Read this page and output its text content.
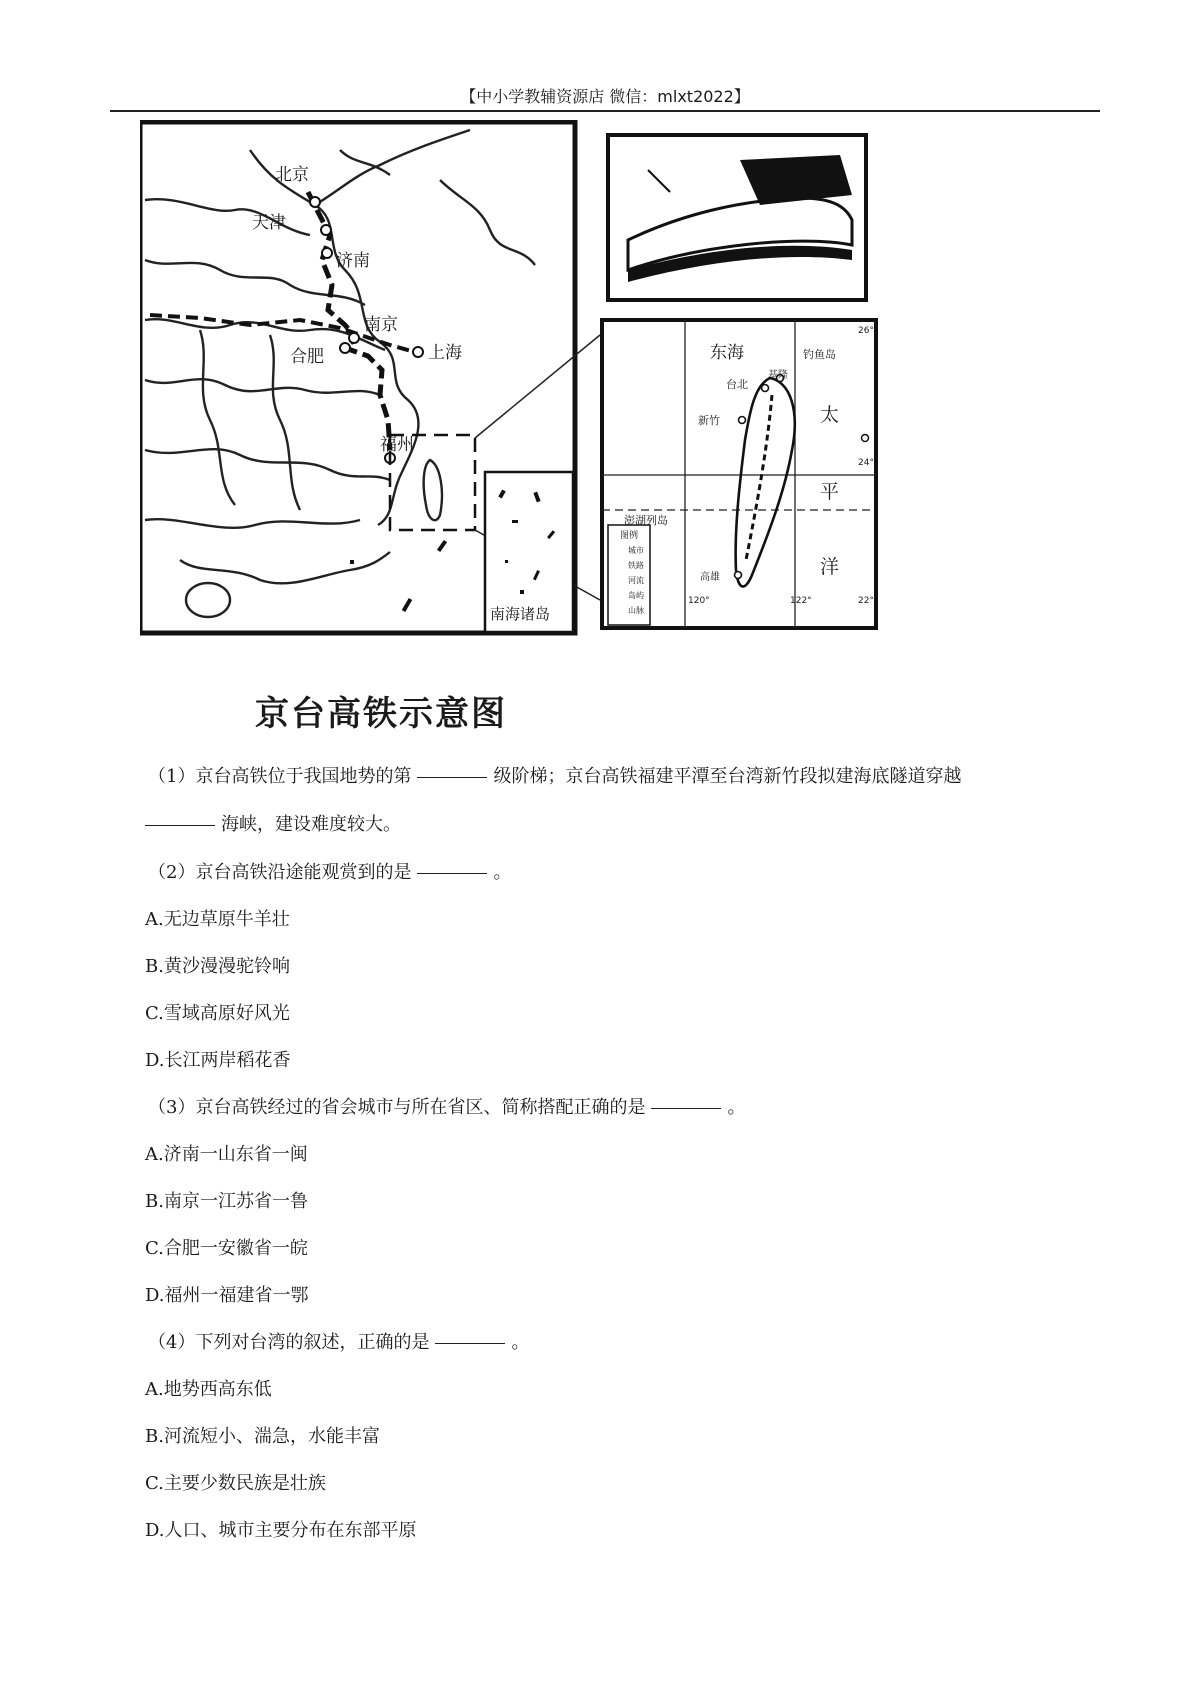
【中小学教辅资源店 微信：mlxt2022】
北京
天津
济南
南京
合肥	上海
福州
南海诸岛
东海	钓鱼岛
太
平
洋
台北
基隆
新竹
高雄
澎湖列岛
图例
城市
铁路
河流
岛屿
山脉
26°
24°
22°
120°	122°
京台高铁示意图
（1）京台高铁位于我国地势的第	级阶梯；京台高铁福建平潭至台湾新竹段拟建海底隧道穿越
海峡，建设难度较大。
（2）京台高铁沿途能观赏到的是	。
A.无边草原牛羊壮
B.黄沙漫漫驼铃响
C.雪域高原好风光
D.长江两岸稻花香
（3）京台高铁经过的省会城市与所在省区、简称搭配正确的是	。
A.济南一山东省一闽
B.南京一江苏省一鲁
C.合肥一安徽省一皖
D.福州一福建省一鄂
（4）下列对台湾的叙述，正确的是	。
A.地势西高东低
B.河流短小、湍急，水能丰富
C.主要少数民族是壮族
D.人口、城市主要分布在东部平原
